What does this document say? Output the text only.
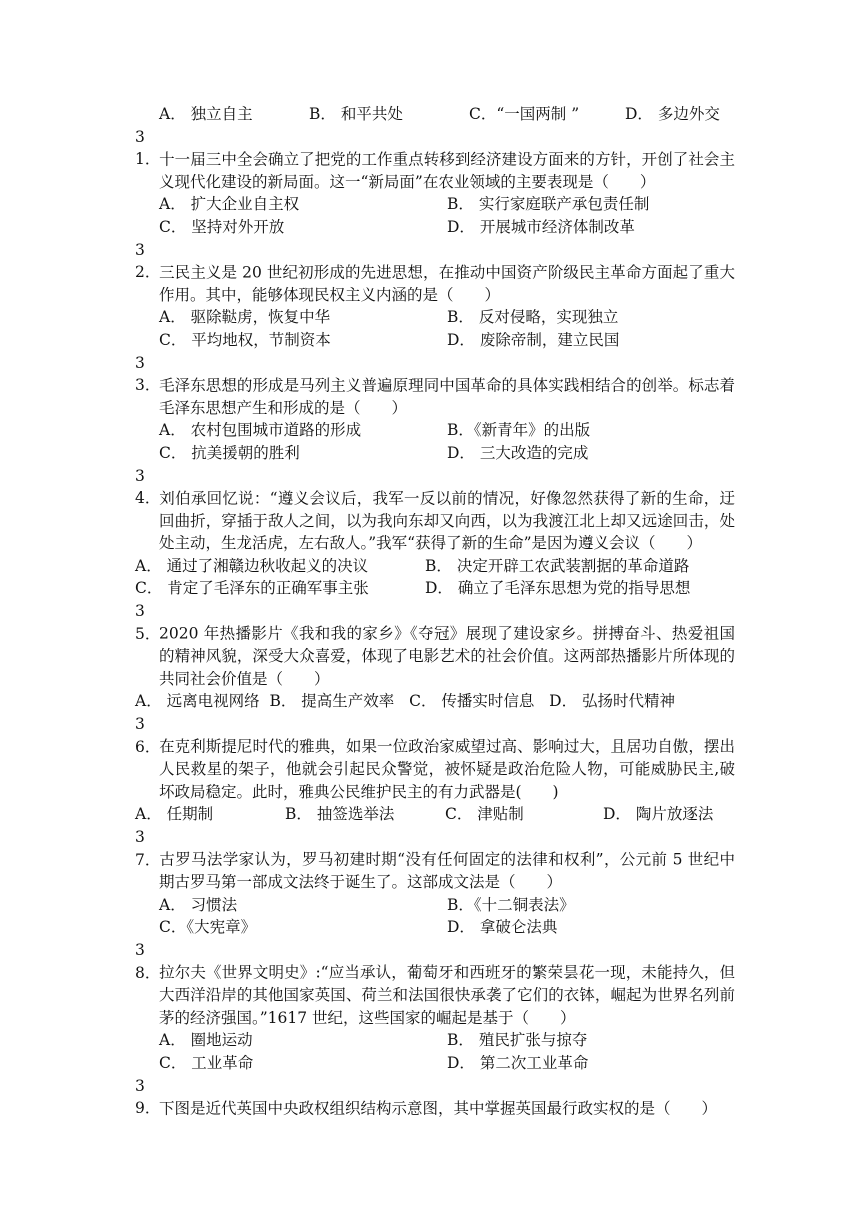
A． 独立自主	B． 和平共处	C．“一国两制 ”	D． 多边外交
31．十一届三中全会确立了把党的工作重点转移到经济建设方面来的方针，开创了社会主义现代化建设的新局面。这一“新局面”在农业领域的主要表现是（　　）
A． 扩大企业自主权	B． 实行家庭联产承包责任制
C． 坚持对外开放	D． 开展城市经济体制改革
32．三民主义是 20 世纪初形成的先进思想，在推动中国资产阶级民主革命方面起了重大作用。其中，能够体现民权主义内涵的是（　　）
A． 驱除鞑虏，恢复中华	B． 反对侵略，实现独立
C． 平均地权，节制资本	D． 废除帝制，建立民国
33．毛泽东思想的形成是马列主义普遍原理同中国革命的具体实践相结合的创举。标志着毛泽东思想产生和形成的是（　　）
A． 农村包围城市道路的形成	B．《新青年》的出版
C． 抗美援朝的胜利	D． 三大改造的完成
34．刘伯承回忆说：“遵义会议后，我军一反以前的情况，好像忽然获得了新的生命，迂回曲折，穿插于敌人之间，以为我向东却又向西，以为我渡江北上却又远途回击，处处主动，生龙活虎，左右敌人。”我军“获得了新的生命”是因为遵义会议（　　）
A． 通过了湘赣边秋收起义的决议	B． 决定开辟工农武装割据的革命道路
C． 肯定了毛泽东的正确军事主张	D． 确立了毛泽东思想为党的指导思想
35．2020 年热播影片《我和我的家乡》《夺冠》展现了建设家乡。拼搏奋斗、热爱祖国的精神风貌，深受大众喜爱，体现了电影艺术的社会价值。这两部热播影片所体现的共同社会价值是（　　）
A． 远离电视网络 B． 提高生产效率 C． 传播实时信息 D． 弘扬时代精神
36．在克利斯提尼时代的雅典，如果一位政治家威望过高、影响过大，且居功自傲，摆出人民救星的架子，他就会引起民众警觉，被怀疑是政治危险人物，可能威胁民主,破坏政局稳定。此时，雅典公民维护民主的有力武器是(　　)
A． 任期制	B． 抽签选举法	C． 津贴制	D． 陶片放逐法
37．古罗马法学家认为，罗马初建时期“没有任何固定的法律和权利”，公元前 5 世纪中期古罗马第一部成文法终于诞生了。这部成文法是（　　）
A． 习惯法	B．《十二铜表法》
C．《大宪章》	D． 拿破仑法典
38．拉尔夫《世界文明史》:“应当承认，葡萄牙和西班牙的繁荣昙花一现，未能持久，但大西洋沿岸的其他国家英国、荷兰和法国很快承袭了它们的衣钵，崛起为世界名列前茅的经济强国。”1617 世纪，这些国家的崛起是基于（　　）
A． 圈地运动	B． 殖民扩张与掠夺
C． 工业革命	D． 第二次工业革命
39．下图是近代英国中央政权组织结构示意图，其中掌握英国最行政实权的是（　　）
